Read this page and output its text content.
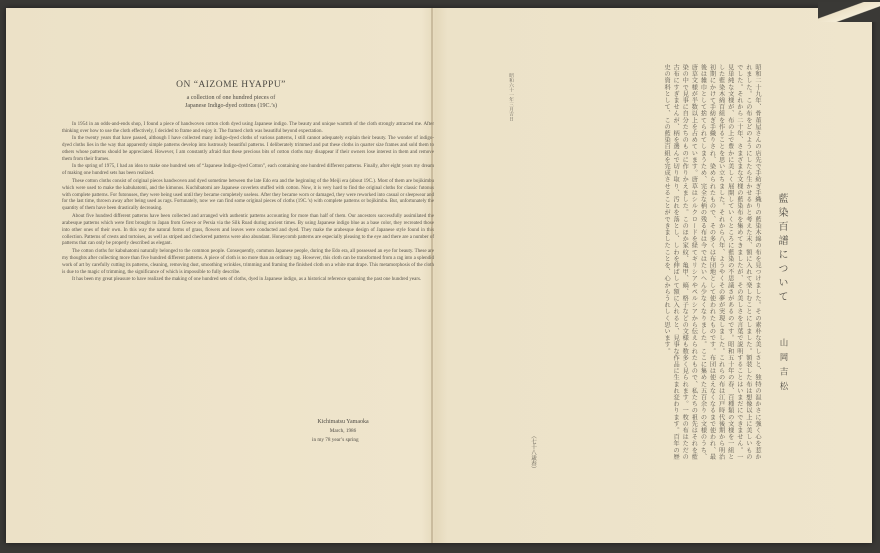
ON “AIZOME HYAPPU”
a collection of one hundred pieces of
Japanese Indigo-dyed cottons (19C.’s)

In 1954 in an odds-and-ends shop, I found a piece of handwoven cotton cloth dyed using Japanese indigo. The beauty and unique warmth of the cloth strongly attracted me. After thinking over how to use the cloth effectively, I decided to frame and enjoy it. The framed cloth was beautiful beyond expectation.

In the twenty years that have passed, although I have collected many indigo-dyed cloths of various patterns, I still cannot adequately explain their beauty. The wonder of indigo-dyed cloths lies in the way that apparently simple patterns develop into lustrously beautiful patterns. I deliberately trimmed and put these cloths in quarter size frames and sold them to others whose patterns should be appreciated. However, I am constantly afraid that these precious bits of cotton cloths may disappear if their owners lose interest in them and remove them from their frames.

In the spring of 1975, I had an idea to make one hundred sets of “Japanese Indigo-dyed Cotton”, each containing one hundred different patterns. Finally, after eight years my dream of making one hundred sets has been realized.

These cotton cloths consist of original pieces handwoven and dyed sometime between the late Edo era and the beginning of the Meiji era (about 19C.). Most of them are bojikimbu which were used to make the kabuhatomi, and the kimonos. Kuchibatomi are Japanese coverlets stuffed with cotton. Now, it is very hard to find the original cloths for classic futonus with complete patterns. For futonuses, they were being used until they became completely useless. After they became worn or damaged, they were reworked into casual or sleepwear and for the last time, thrown away after being used as rags. Fortunately, now we can find some original pieces of cloths (19C.’s) with complete patterns or bojikimbu. But, unfortunately the quantity of them have been drastically decreasing.

About five hundred different patterns have been collected and arranged with authentic patterns accounting for more than half of them. Our ancestors successfully assimilated the arabesque patterns which were first brought to Japan from Greece or Persia via the Silk Road during ancient times. By using Japanese indigo blue as a base color, they recreated those into other ones of their own. In this way the natural forms of grass, flowers and leaves were conducted and dyed. They make the arabesque design of Japanese style found in this collection. Patterns of crests and tortoises, as well as striped and checkered patterns were also abundant. Honeycomb patterns are especially pleasing to the eye and there are a number of patterns that can only be properly described as elegant.

The cotton cloths for kabuhatomi naturally belonged to the common people. Consequently, common Japanese people, during the Edo era, all possessed an eye for beauty. These are my thoughts after collecting more than five hundred different patterns. A piece of cloth is no more than an ordinary rag. However, this cloth can be transformed from a rag into a splendid work of art by carefully cutting its patterns, cleaning, removing dust, smoothing wrinkles, trimming and framing the finished cloth on a white mat drape. This metamorphosis of the cloth is due to the magic of trimming, the significance of which is impossible to fully describe.

It has been my great pleasure to have realized the making of one hundred sets of cloths, dyed in Japanese indigo, as a historical reference spanning the past one hundred years.

Kichimatsu Yamaoka
March, 1986
in my 78 year’s spring
藍染百譜について
山岡吉松

昭和二十九年、骨董屋さんの店先で手紡ぎ手織りの藍染木綿の布を見つけました。その素朴な美しさと、独特の温かさに強く心を惹かれました。この布をどのようにしたら生かせるかと考えた末、額に入れて楽しむことにしました。額装した布は想像以上に美しいものでした。それから二十年、さまざまな文様の藍染布を集めてきましたが、その美しさを言葉で説明することはいまだにできません。一見単純な文様が、布の上で豊かに美しく展開していくところに藍染の不思議さがあるのです。昭和五十年の春、百種類の文様を一組とした藍染木綿百組を作ることを思い立ちました。それから八年、ようやくその夢が実現しました。これらの布は江戸時代後期から明治初期にかけて手紡ぎ手織りされ、染められたもので、その多くは布団地として使われたものです。布団は使えなくなるまで使われ、最後は雑巾として捨てられてしまうため、完全な柄の残る布は今ではたいへん少なくなりました。ここに集めた五百余りの文様のうち、唐草文様が半数以上を占めています。唐草はシルクロードを経てギリシアやペルシアから伝えられたもので、私たちの祖先はそれを藍染の中で見事に自分たちのものに作りかえました。このほか家紋、亀甲、縞、格子などの文様も数多く見られます。一枚の布はただの古布にすぎませんが、柄を選んで切り取り、汚れを落とし、しわを伸ばして額に入れると、見事な作品に生まれ変わります。百年の歴史の資料として、この藍染百組を完成させることができましたことを、心からうれしく思います。

（七十八歳春）
昭和六十一年三月吉日
